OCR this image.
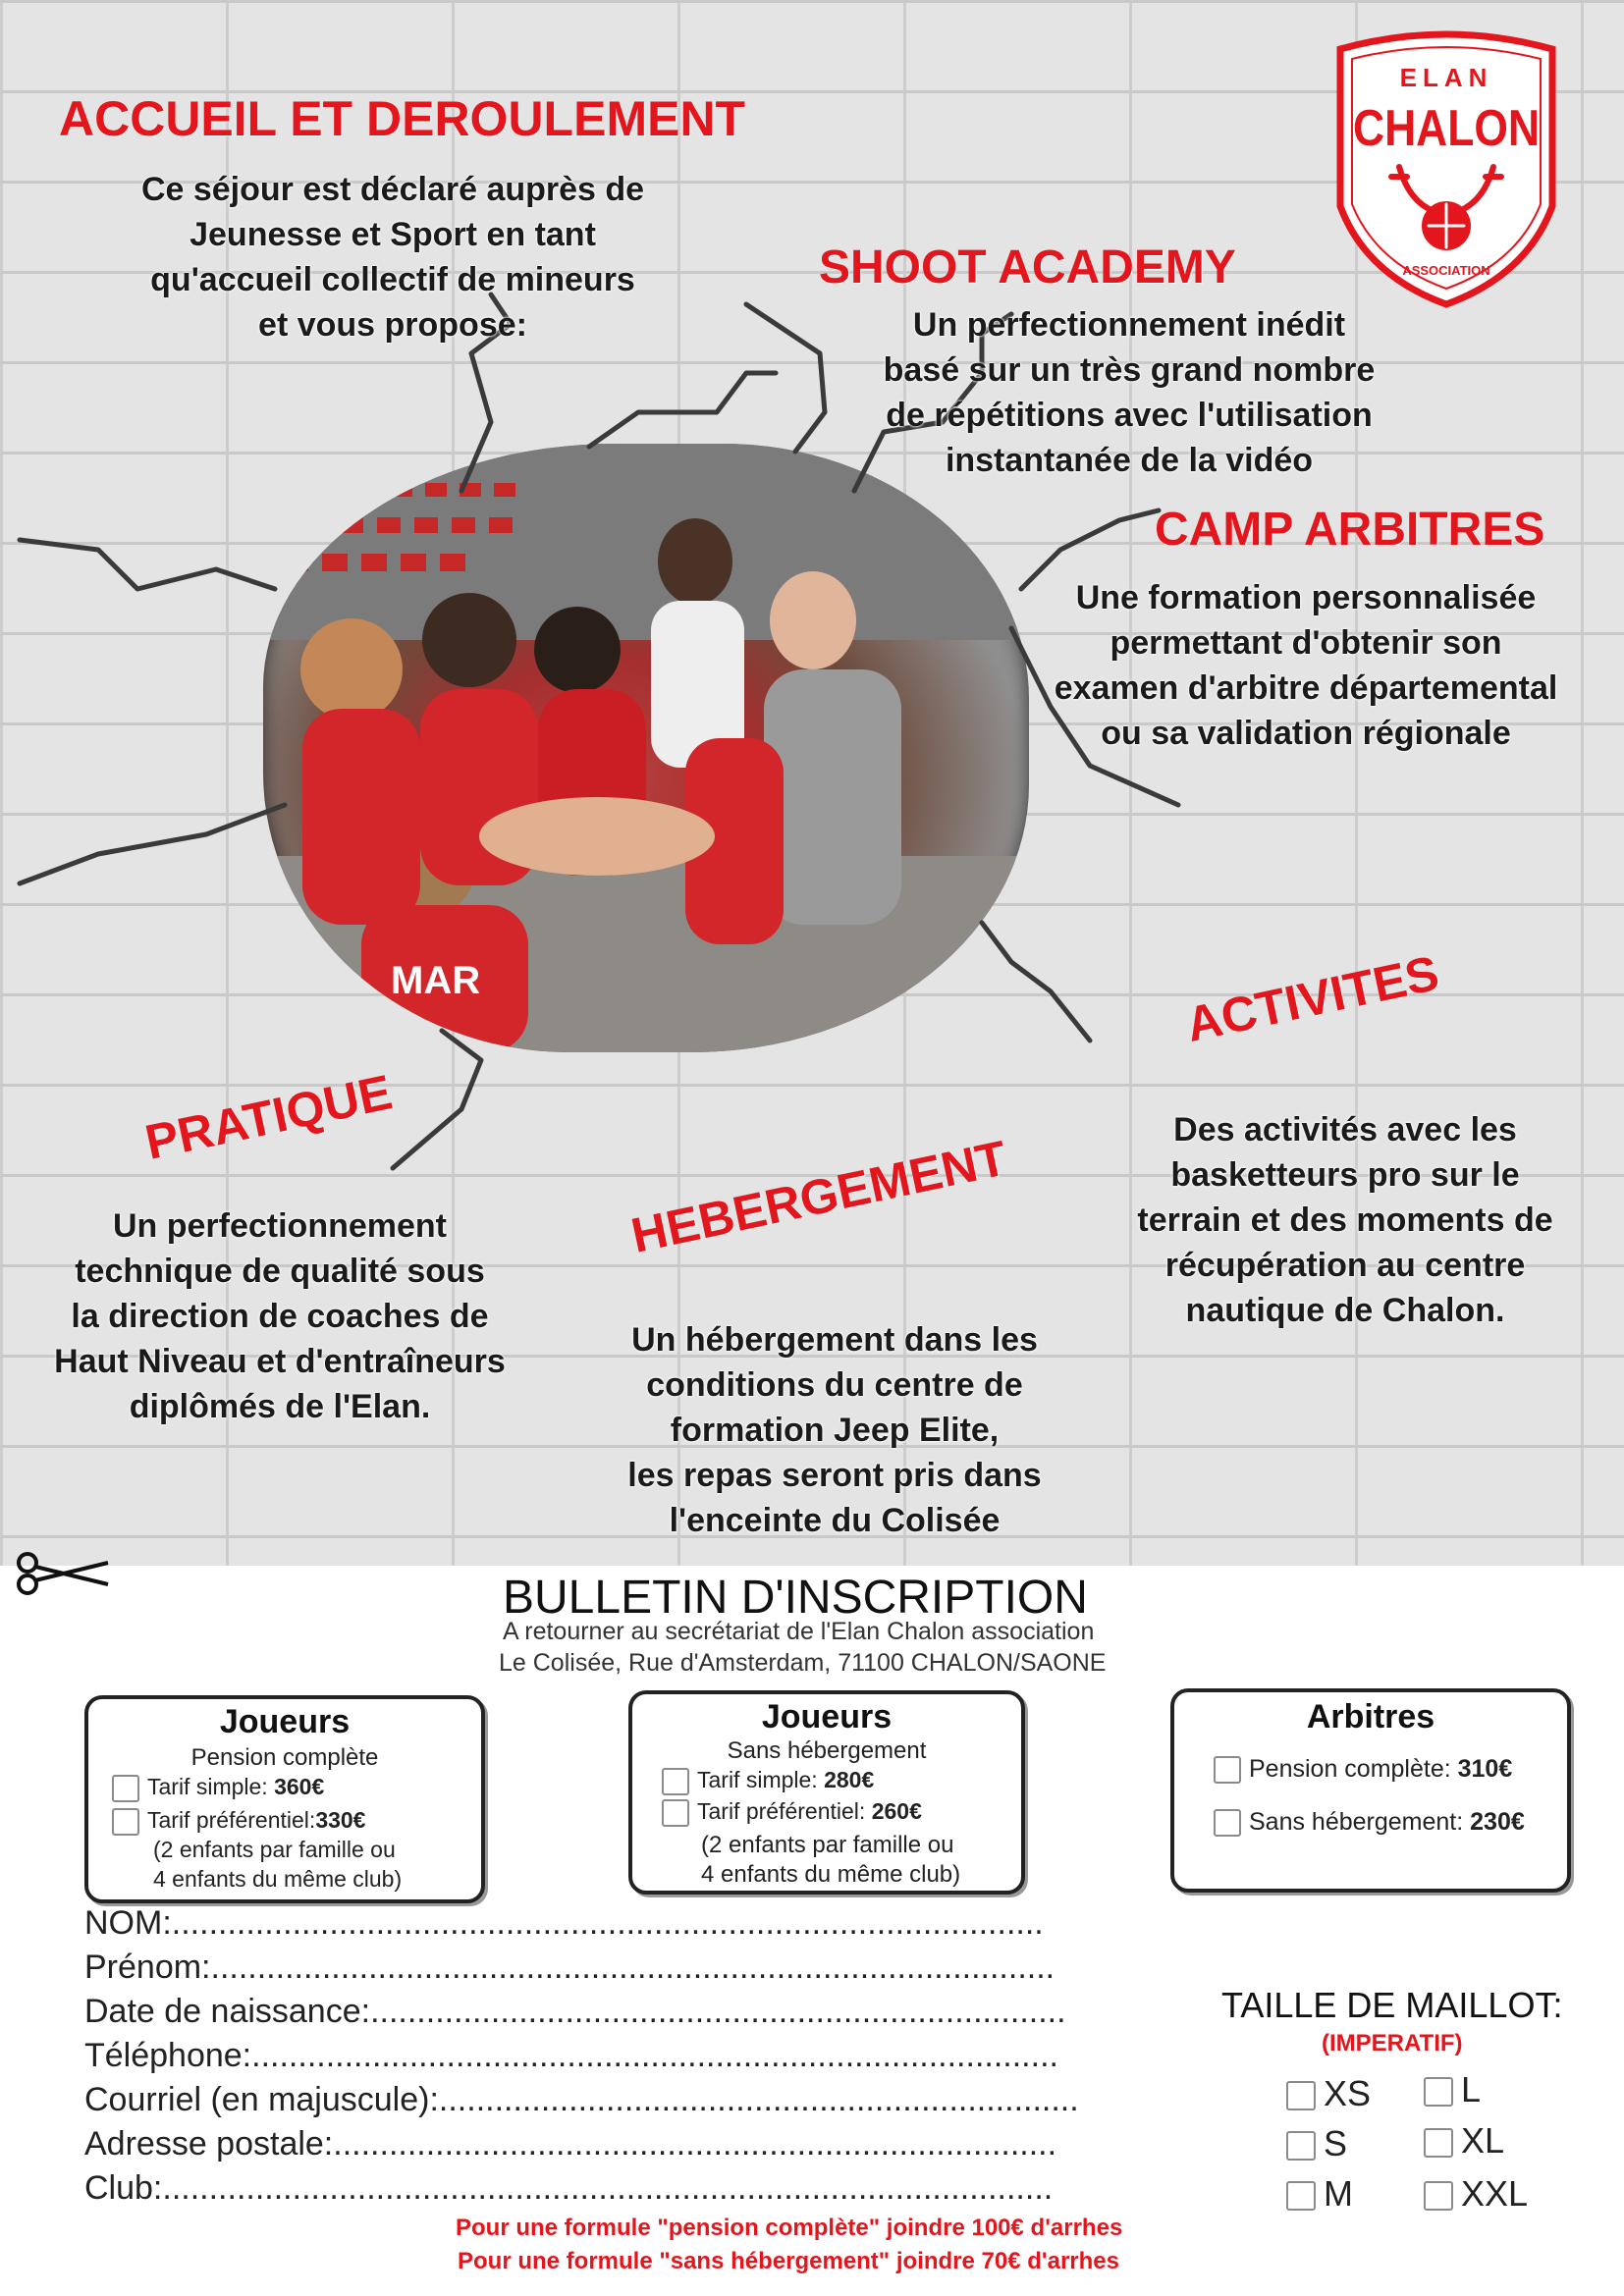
MAR
ELAN
CHALON
ASSOCIATION
ACCUEIL ET DEROULEMENT
Ce séjour est déclaré auprès de
Jeunesse et Sport en tant
qu'accueil collectif de mineurs
et vous propose:
SHOOT ACADEMY
Un perfectionnement inédit
basé sur un très grand nombre
de répétitions avec l'utilisation
instantanée de la vidéo
CAMP ARBITRES
Une formation personnalisée
permettant d'obtenir son
examen d'arbitre départemental
ou sa validation régionale
ACTIVITES
Des activités avec les
basketteurs pro sur le
terrain et des moments de
récupération au centre
nautique de Chalon.
PRATIQUE
Un perfectionnement
technique de qualité sous
la direction de coaches de
Haut Niveau et d'entraîneurs
diplômés de l'Elan.
HEBERGEMENT
Un hébergement dans les
conditions du centre de
formation Jeep Elite,
les repas seront pris dans
l'enceinte du Colisée
BULLETIN D'INSCRIPTION
A retourner au secrétariat de l'Elan Chalon association
Le Colisée, Rue d'Amsterdam, 71100 CHALON/SAONE
Joueurs
Pension complète
Tarif simple: 360€
Tarif préférentiel:330€
(2 enfants par famille ou
4 enfants du même club)
Joueurs
Sans hébergement
Tarif simple: 280€
Tarif préférentiel: 260€
(2 enfants par famille ou
4 enfants du même club)
Arbitres
Pension complète: 310€
Sans hébergement: 230€
NOM:..............................................................................................
Prénom:...........................................................................................
Date de naissance:...........................................................................
Téléphone:.......................................................................................
Courriel (en majuscule):.....................................................................
Adresse postale:..............................................................................
Club:................................................................................................
TAILLE DE MAILLOT:
(IMPERATIF)
XS	L
S	XL
M	XXL
Pour une formule "pension complète" joindre 100€ d'arrhes
Pour une formule "sans hébergement" joindre 70€ d'arrhes
